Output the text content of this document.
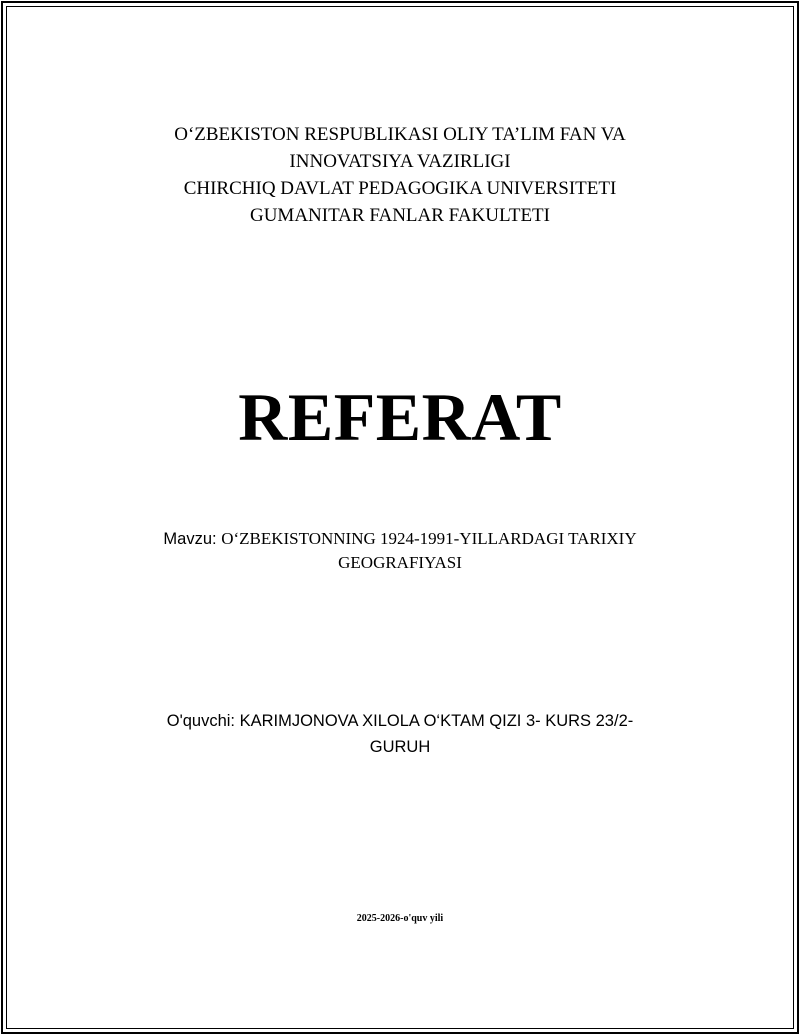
O‘ZBEKISTON RESPUBLIKASI OLIY TA’LIM FAN VA
INNOVATSIYA VAZIRLIGI
CHIRCHIQ DAVLAT PEDAGOGIKA UNIVERSITETI
GUMANITAR FANLAR FAKULTETI
REFERAT
Mavzu: O‘ZBEKISTONNING 1924-1991-YILLARDAGI TARIXIY
GEOGRAFIYASI
O'quvchi: KARIMJONOVA XILOLA O‘KTAM QIZI 3- KURS 23/2-
GURUH
2025-2026-o'quv yili
